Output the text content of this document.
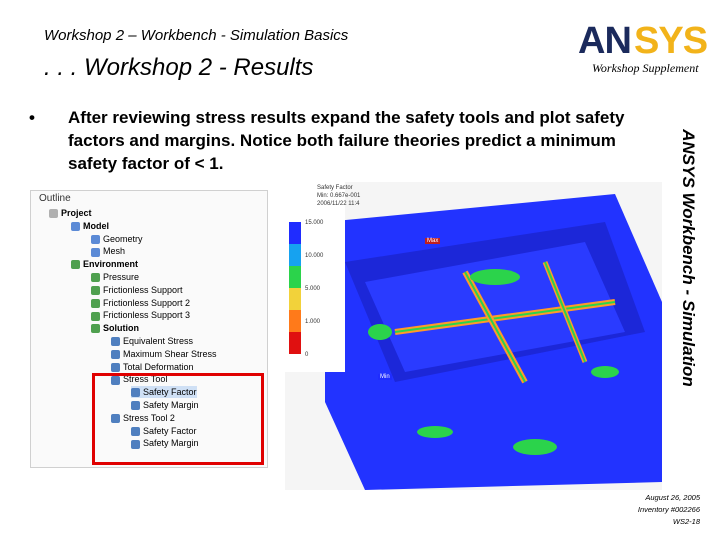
Workshop 2 – Workbench - Simulation Basics
. . . Workshop 2 - Results
AN SYS
Workshop Supplement
• After reviewing stress results expand the safety tools and plot safety factors and margins. Notice both failure theories predict a minimum safety factor of < 1.	ANSYS Workbench - Simulation
Outline
Project
Model
Geometry
Mesh
Environment
Pressure
Frictionless Support
Frictionless Support 2
Frictionless Support 3
Solution
Equivalent Stress
Maximum Shear Stress
Total Deformation
Stress Tool
Safety Factor
Safety Margin
Stress Tool 2
Safety Factor
Safety Margin
Safety Factor
Min: 0.667e-001
2006/11/22 11:4
15.000
10.000
5.000
1.000
0
Max
Min
August 26, 2005
Inventory #002266
WS2-18
